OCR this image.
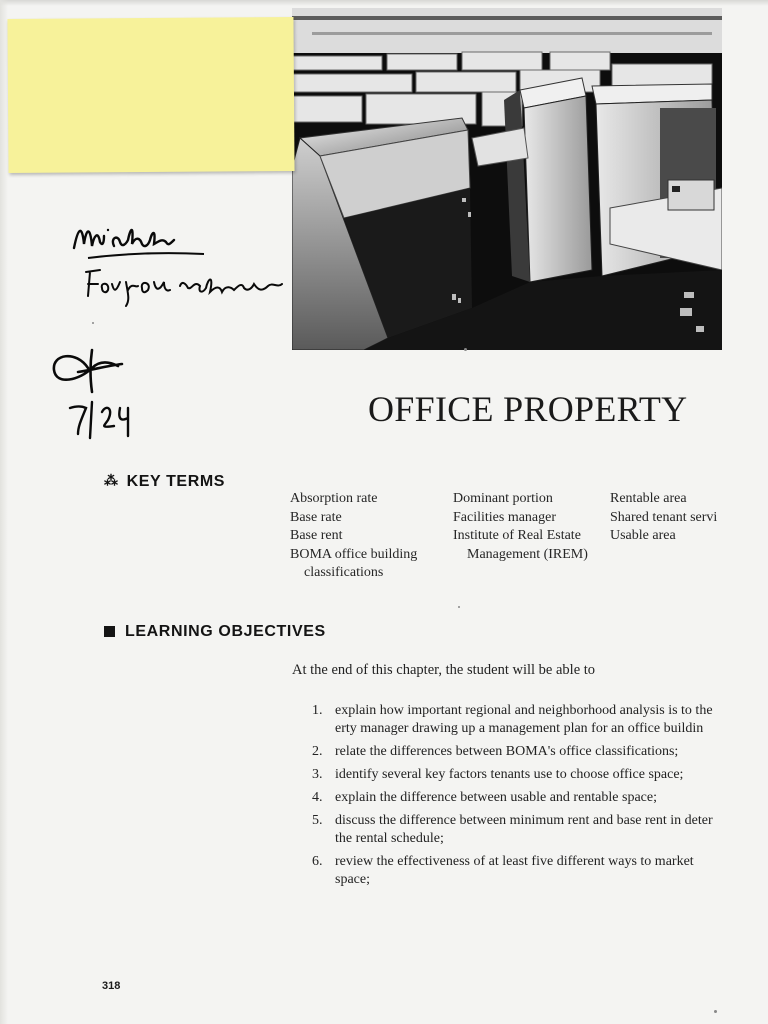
OFFICE PROPERTY
⁂ KEY TERMS
Absorption rate
Base rate
Base rent
BOMA office building
classifications
Dominant portion
Facilities manager
Institute of Real Estate
Management (IREM)
Rentable area
Shared tenant servi
Usable area
LEARNING OBJECTIVES
At the end of this chapter, the student will be able to
1. explain how important regional and neighborhood analysis is to the
erty manager drawing up a management plan for an office buildin
2. relate the differences between BOMA's office classifications;
3. identify several key factors tenants use to choose office space;
4. explain the difference between usable and rentable space;
5. discuss the difference between minimum rent and base rent in deter
the rental schedule;
6. review the effectiveness of at least five different ways to market
space;
318
